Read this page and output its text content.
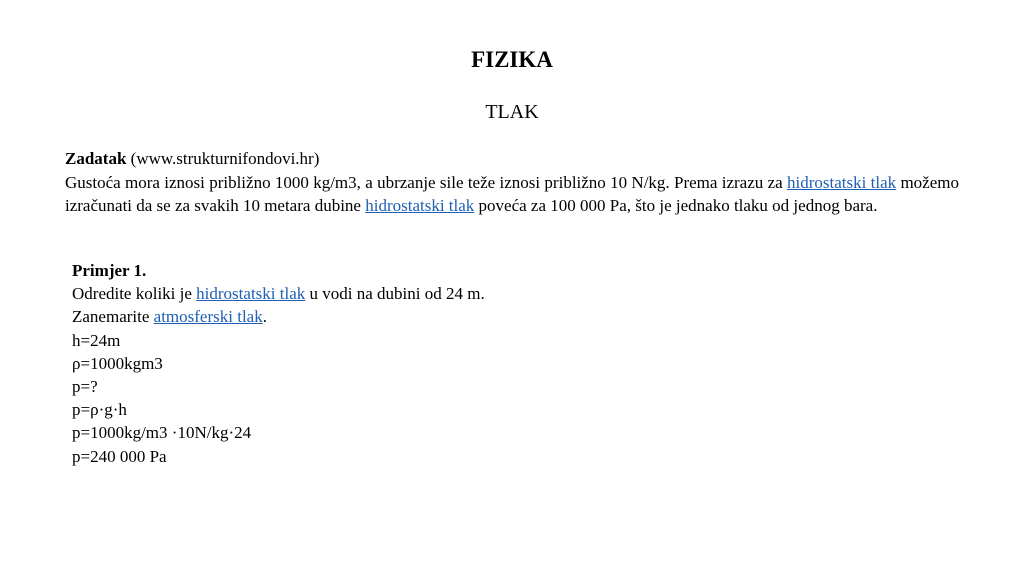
FIZIKA
TLAK
Zadatak (www.strukturnifondovi.hr)
Gustoća mora iznosi približno 1000 kg/m3, a ubrzanje sile teže iznosi približno 10 N/kg. Prema izrazu za hidrostatski tlak možemo izračunati da se za svakih 10 metara dubine hidrostatski tlak poveća za 100 000 Pa, što je jednako tlaku od jednog bara.
Primjer 1.
Odredite koliki je hidrostatski tlak u vodi na dubini od 24 m.
Zanemarite atmosferski tlak.
h=24m
ρ=1000kgm3
p=?
p=ρ·g·h
p=1000kg/m3 ·10N/kg·24
p=240 000 Pa
